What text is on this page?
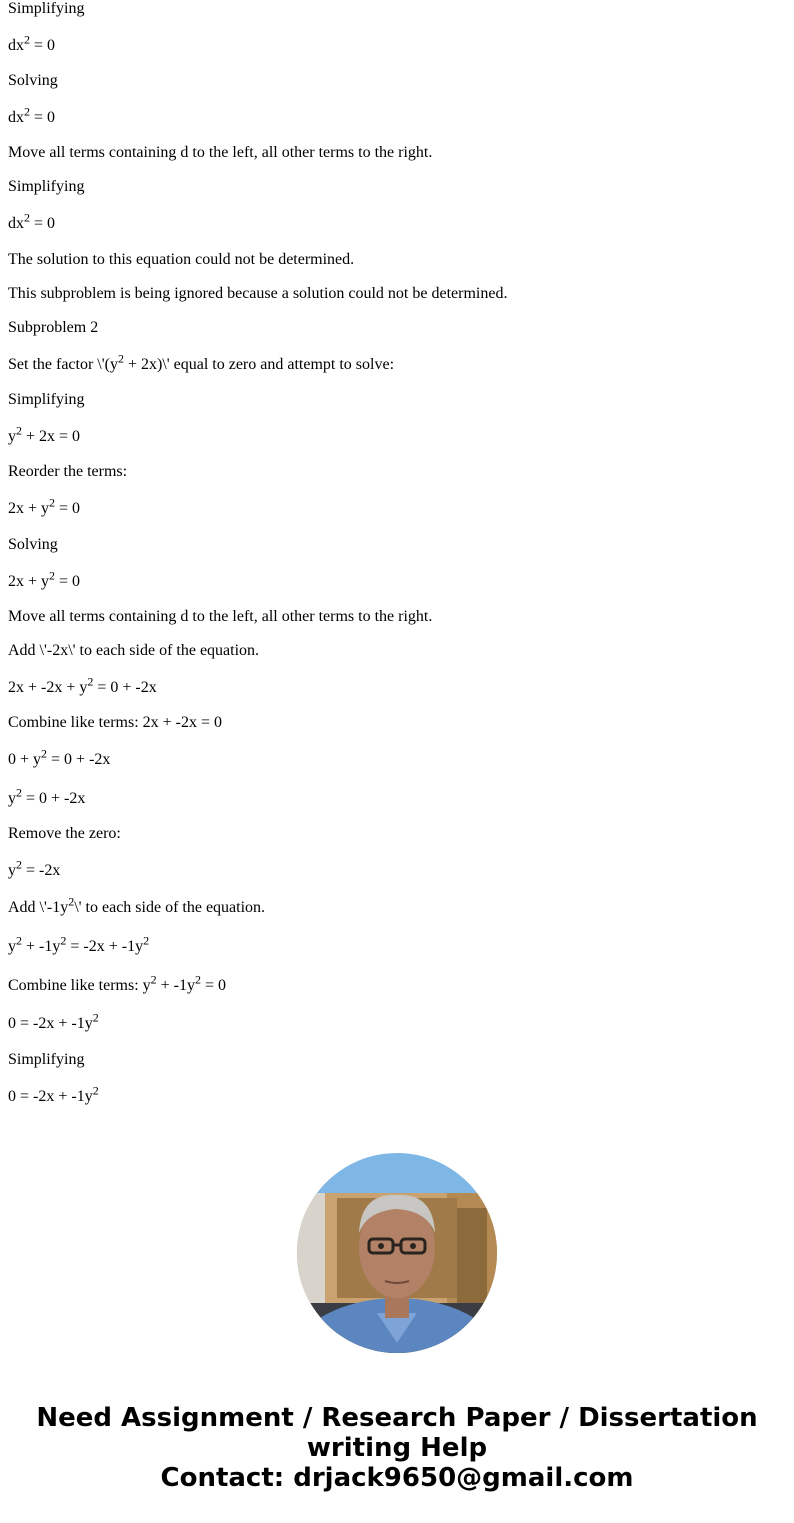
Simplifying
$dx^2 = 0$
Solving
$dx^2 = 0$
Move all terms containing d to the left, all other terms to the right.
Simplifying
$dx^2 = 0$
The solution to this equation could not be determined.
This subproblem is being ignored because a solution could not be determined.
Subproblem 2
Set the factor $\backslash'(y^2$ + 2x)\' equal to zero and attempt to solve:
Simplifying
$y^2 + 2x = 0$
Reorder the terms:
$2x + y^2 = 0$
Solving
$2x + y^2 = 0$
Move all terms containing d to the left, all other terms to the right.
Add \'-2x\' to each side of the equation.
$2x + -2x + y^2 = 0 + -2x$
Combine like terms: 2x + -2x = 0
$0 + y^2 = 0 + -2x$
$y^2 = 0 + -2x$
Remove the zero:
$y^2 = -2x$
Add $\backslash'-1y^2\backslash'$ to each side of the equation.
$y^2 + -1y^2 = -2x + -1y^2$
Combine like terms: $y^2 + -1y^2 = 0$
$0 = -2x + -1y^2$
Simplifying
$0 = -2x + -1y^2$
Need Assignment / Research Paper / Dissertation
writing Help
Contact: drjack9650@gmail.com
